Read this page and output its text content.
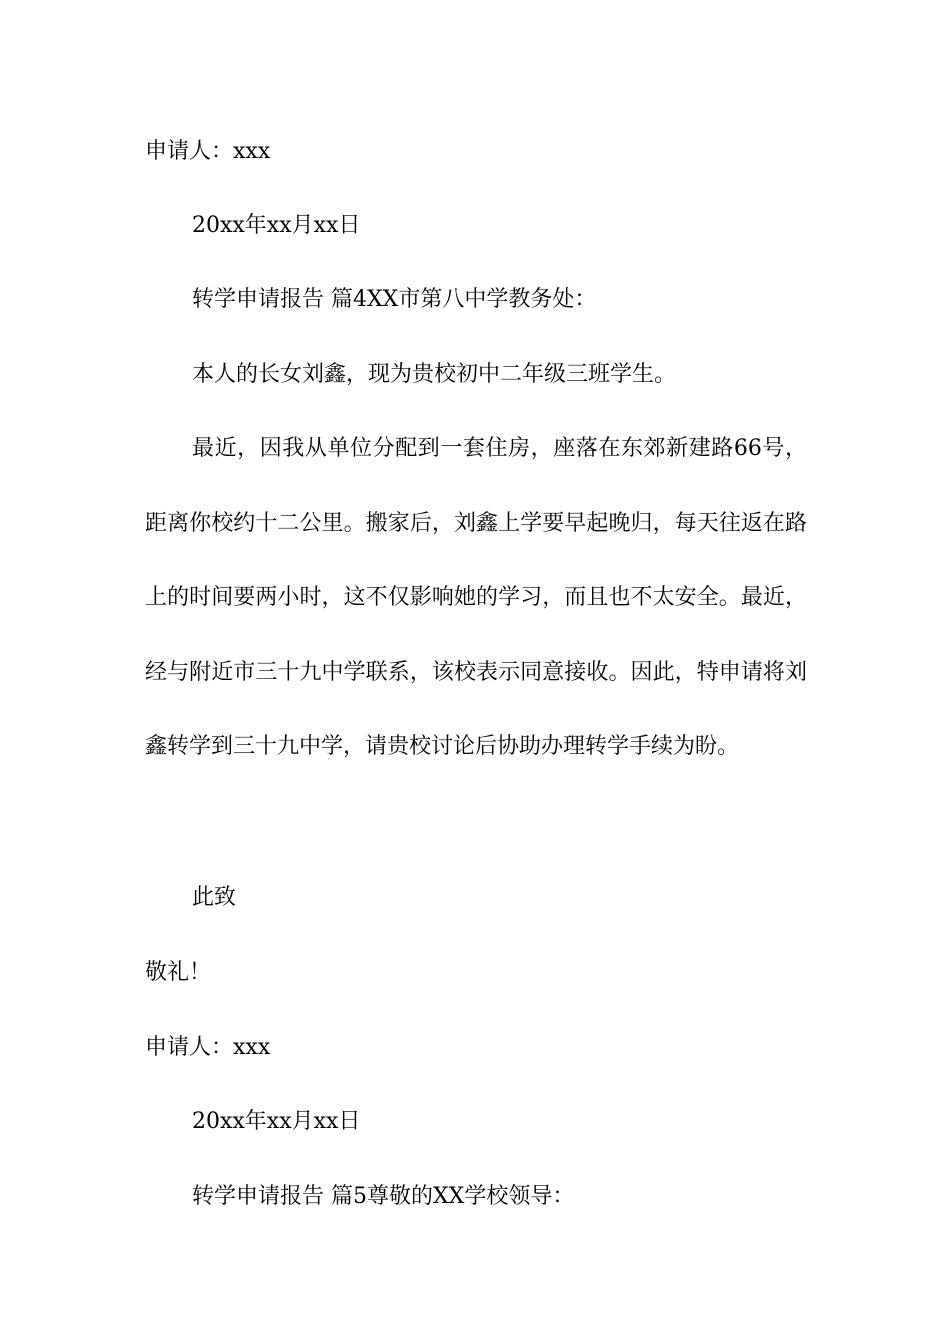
申请人：xxx
20xx年xx月xx日
转学申请报告 篇4XX市第八中学教务处：
本人的长女刘鑫，现为贵校初中二年级三班学生。
最近，因我从单位分配到一套住房，座落在东郊新建路66号，距离你校约十二公里。搬家后，刘鑫上学要早起晚归，每天往返在路上的时间要两小时，这不仅影响她的学习，而且也不太安全。最近，经与附近市三十九中学联系，该校表示同意接收。因此，特申请将刘鑫转学到三十九中学，请贵校讨论后协助办理转学手续为盼。
此致
敬礼！
申请人：xxx
20xx年xx月xx日
转学申请报告 篇5尊敬的XX学校领导：
